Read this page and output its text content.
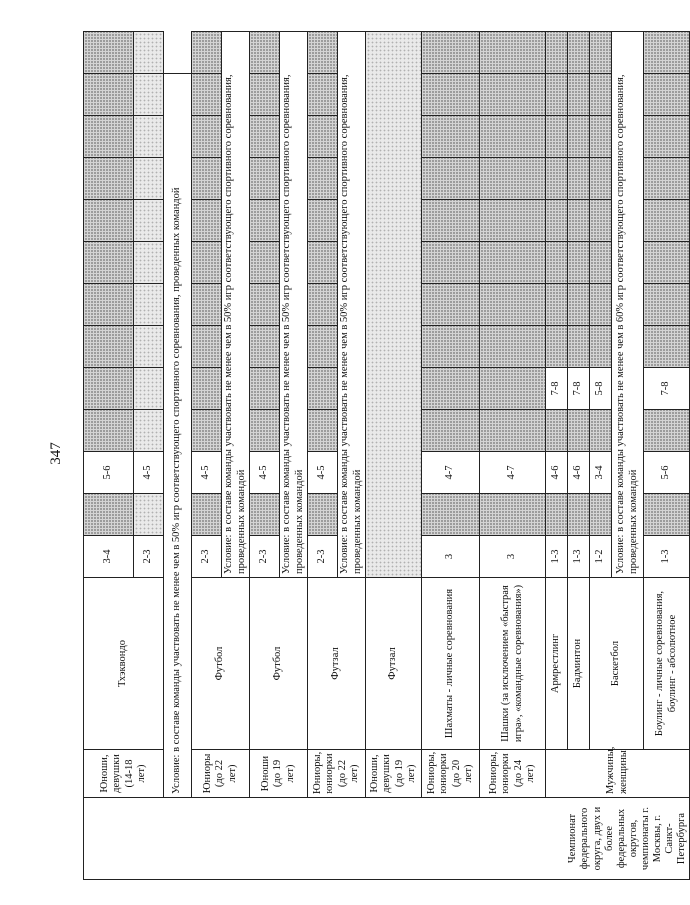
347
Чемпионат федерального округа, двух и более федеральных округов, чемпионаты г. Москвы, г. Санкт-Петербурга	Юноши, девушки (14-18 лет)	Тхэквондо	3-4		5-6										
			2-3		4-5										
	Условие: в составе команды участвовать не менее чем в 50% игр соответствующего спортивного соревнования, проведенных командой														
	Юниоры (до 22 лет)	Футбол	2-3		4-5										
			Условие: в составе команды участвовать не менее чем в 50% игр соответствующего спортивного соревнования, проведенных командой												
	Юноши (до 19 лет)	Футбол	2-3		4-5										
			Условие: в составе команды участвовать не менее чем в 50% игр соответствующего спортивного соревнования, проведенных командой												
	Юниоры, юниорки (до 22 лет)	Футзал	2-3		4-5										
			Условие: в составе команды участвовать не менее чем в 50% игр соответствующего спортивного соревнования, проведенных командой												
	Юноши, девушки (до 19 лет)	Футзал													
	Юниоры, юниорки (до 20 лет)	Шахматы - личные соревнования	3		4-7										
	Юниоры, юниорки (до 24 лет)	Шашки (за исключением «быстрая игра», «командные соревнования»)	3		4-7										
	Мужчины, женщины	Армрестлинг	1-3		4-6		7-8								
		Бадминтон	1-3		4-6		7-8								
		Баскетбол	1-2		3-4		5-8								
			Условие: в составе команды участвовать не менее чем в 60% игр соответствующего спортивного соревнования, проведенных командой												
		Боулинг - личные соревнования, боулинг - абсолютное	1-3		5-6		7-8								
